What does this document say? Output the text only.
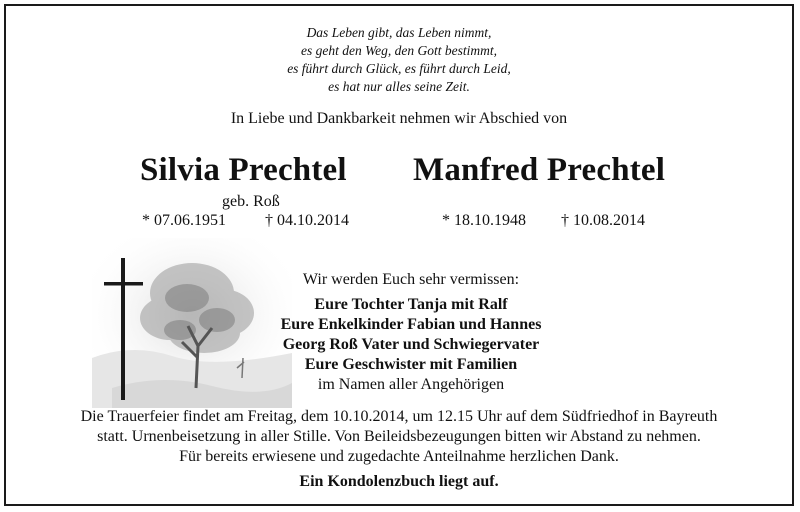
Das Leben gibt, das Leben nimmt,
es geht den Weg, den Gott bestimmt,
es führt durch Glück, es führt durch Leid,
es hat nur alles seine Zeit.
In Liebe und Dankbarkeit nehmen wir Abschied von
Silvia Prechtel Manfred Prechtel
geb. Roß
* 07.06.1951 † 04.10.2014	* 18.10.1948 † 10.08.2014
Wir werden Euch sehr vermissen:
Eure Tochter Tanja mit Ralf
Eure Enkelkinder Fabian und Hannes
Georg Roß Vater und Schwiegervater
Eure Geschwister mit Familien
im Namen aller Angehörigen
Die Trauerfeier findet am Freitag, dem 10.10.2014, um 12.15 Uhr auf dem Südfriedhof in Bayreuth
statt. Urnenbeisetzung in aller Stille. Von Beileidsbezeugungen bitten wir Abstand zu nehmen.
Für bereits erwiesene und zugedachte Anteilnahme herzlichen Dank.
Ein Kondolenzbuch liegt auf.
